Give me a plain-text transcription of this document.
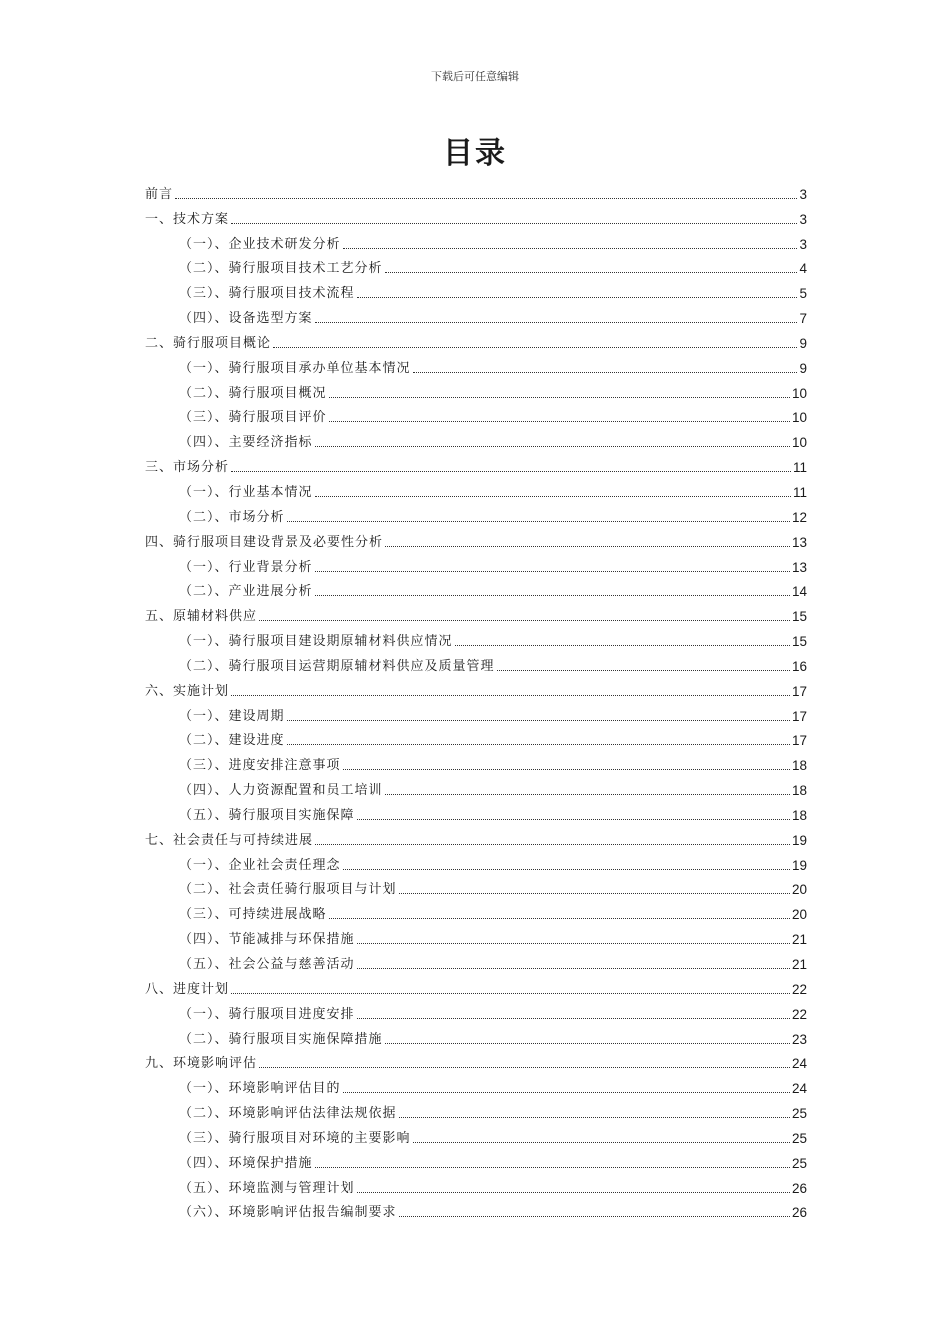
下载后可任意编辑
目录
前言	3
一、技术方案	3
（一）、企业技术研发分析	3
（二）、骑行服项目技术工艺分析	4
（三）、骑行服项目技术流程	5
（四）、设备选型方案	7
二、骑行服项目概论	9
（一）、骑行服项目承办单位基本情况	9
（二）、骑行服项目概况	10
（三）、骑行服项目评价	10
（四）、主要经济指标	10
三、市场分析	11
（一）、行业基本情况	11
（二）、市场分析	12
四、骑行服项目建设背景及必要性分析	13
（一）、行业背景分析	13
（二）、产业进展分析	14
五、原辅材料供应	15
（一）、骑行服项目建设期原辅材料供应情况	15
（二）、骑行服项目运营期原辅材料供应及质量管理	16
六、实施计划	17
（一）、建设周期	17
（二）、建设进度	17
（三）、进度安排注意事项	18
（四）、人力资源配置和员工培训	18
（五）、骑行服项目实施保障	18
七、社会责任与可持续进展	19
（一）、企业社会责任理念	19
（二）、社会责任骑行服项目与计划	20
（三）、可持续进展战略	20
（四）、节能减排与环保措施	21
（五）、社会公益与慈善活动	21
八、进度计划	22
（一）、骑行服项目进度安排	22
（二）、骑行服项目实施保障措施	23
九、环境影响评估	24
（一）、环境影响评估目的	24
（二）、环境影响评估法律法规依据	25
（三）、骑行服项目对环境的主要影响	25
（四）、环境保护措施	25
（五）、环境监测与管理计划	26
（六）、环境影响评估报告编制要求	26
